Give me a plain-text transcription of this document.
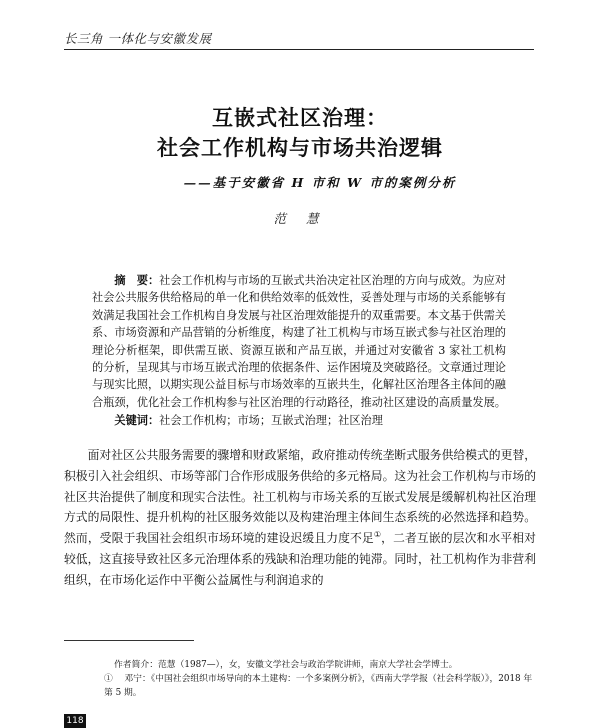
长三角 一体化与安徽发展
互嵌式社区治理：
社会工作机构与市场共治逻辑
——基于安徽省 H 市和 W 市的案例分析
范 慧

摘　要：社会工作机构与市场的互嵌式共治决定社区治理的方向与成效。为应对社会公共服务供给格局的单一化和供给效率的低效性，妥善处理与市场的关系能够有效满足我国社会工作机构自身发展与社区治理效能提升的双重需要。本文基于供需关系、市场资源和产品营销的分析维度，构建了社工机构与市场互嵌式参与社区治理的理论分析框架，即供需互嵌、资源互嵌和产品互嵌，并通过对安徽省 3 家社工机构的分析，呈现其与市场互嵌式治理的依据条件、运作困境及突破路径。文章通过理论与现实比照，以期实现公益目标与市场效率的互嵌共生，化解社区治理各主体间的融合瓶颈，优化社会工作机构参与社区治理的行动路径，推动社区建设的高质量发展。

关键词：社会工作机构；市场；互嵌式治理；社区治理

面对社区公共服务需要的骤增和财政紧缩，政府推动传统垄断式服务供给模式的更替，积极引入社会组织、市场等部门合作形成服务供给的多元格局。这为社会工作机构与市场的社区共治提供了制度和现实合法性。社工机构与市场关系的互嵌式发展是缓解机构社区治理方式的局限性、提升机构的社区服务效能以及构建治理主体间生态系统的必然选择和趋势。然而，受限于我国社会组织市场环境的建设迟缓且力度不足①，二者互嵌的层次和水平相对较低，这直接导致社区多元治理体系的残缺和治理功能的钝滞。同时，社工机构作为非营利组织，在市场化运作中平衡公益属性与利润追求的

作者简介：范慧（1987—），女，安徽文学社会与政治学院讲师，南京大学社会学博士。

① 　邓宁：《中国社会组织市场导向的本土建构：一个多案例分析》，《西南大学学报（社会科学版）》，2018 年第 5 期。

118
